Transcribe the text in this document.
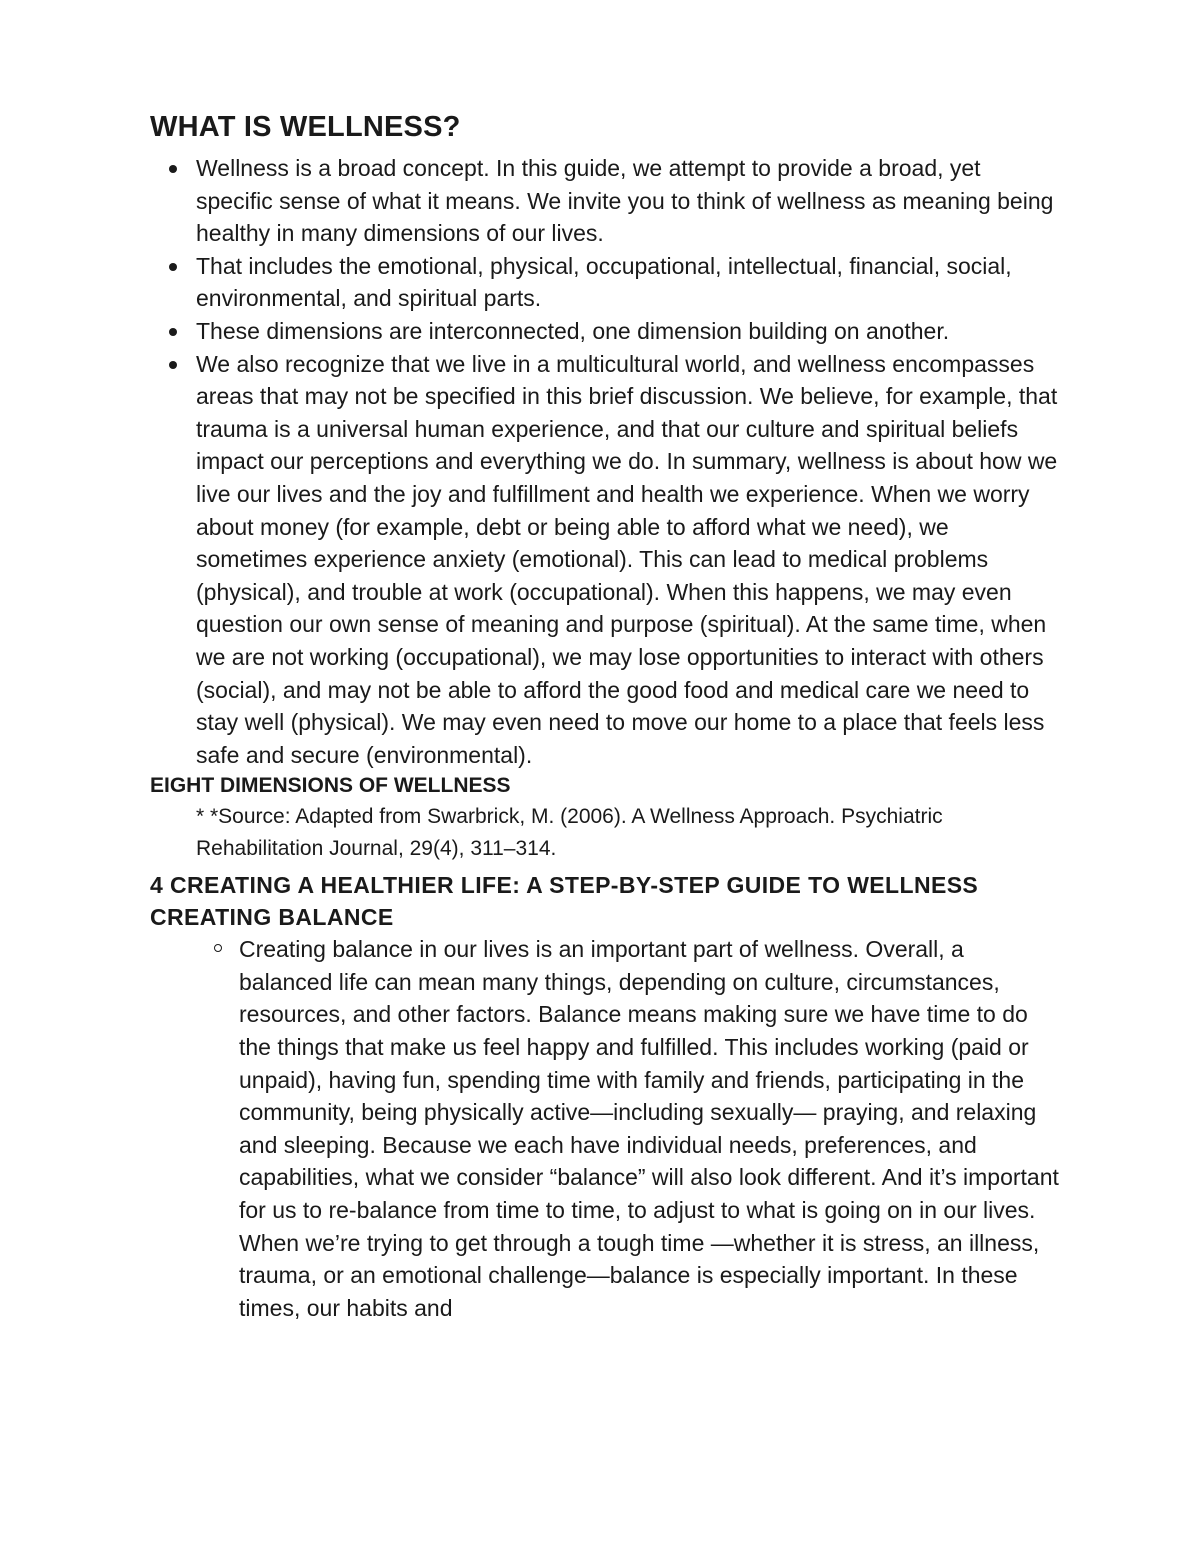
WHAT IS WELLNESS?
Wellness is a broad concept. In this guide, we attempt to provide a broad, yet specific sense of what it means. We invite you to think of wellness as meaning being healthy in many dimensions of our lives.
That includes the emotional, physical, occupational, intellectual, financial, social, environmental, and spiritual parts.
These dimensions are interconnected, one dimension building on another.
We also recognize that we live in a multicultural world, and wellness encompasses areas that may not be specified in this brief discussion. We believe, for example, that trauma is a universal human experience, and that our culture and spiritual beliefs impact our perceptions and everything we do. In summary, wellness is about how we live our lives and the joy and fulfillment and health we experience. When we worry about money (for example, debt or being able to afford what we need), we sometimes experience anxiety (emotional). This can lead to medical problems (physical), and trouble at work (occupational). When this happens, we may even question our own sense of meaning and purpose (spiritual). At the same time, when we are not working (occupational), we may lose opportunities to interact with others (social), and may not be able to afford the good food and medical care we need to stay well (physical). We may even need to move our home to a place that feels less safe and secure (environmental).
EIGHT DIMENSIONS OF WELLNESS

* *Source: Adapted from Swarbrick, M. (2006). A Wellness Approach. Psychiatric Rehabilitation Journal, 29(4), 311–314.

4 CREATING A HEALTHIER LIFE: A STEP-BY-STEP GUIDE TO WELLNESS CREATING BALANCE
Creating balance in our lives is an important part of wellness. Overall, a balanced life can mean many things, depending on culture, circumstances, resources, and other factors. Balance means making sure we have time to do the things that make us feel happy and fulfilled. This includes working (paid or unpaid), having fun, spending time with family and friends, participating in the community, being physically active—including sexually— praying, and relaxing and sleeping. Because we each have individual needs, preferences, and capabilities, what we consider “balance” will also look different. And it’s important for us to re-balance from time to time, to adjust to what is going on in our lives. When we’re trying to get through a tough time —whether it is stress, an illness, trauma, or an emotional challenge—balance is especially important. In these times, our habits and
